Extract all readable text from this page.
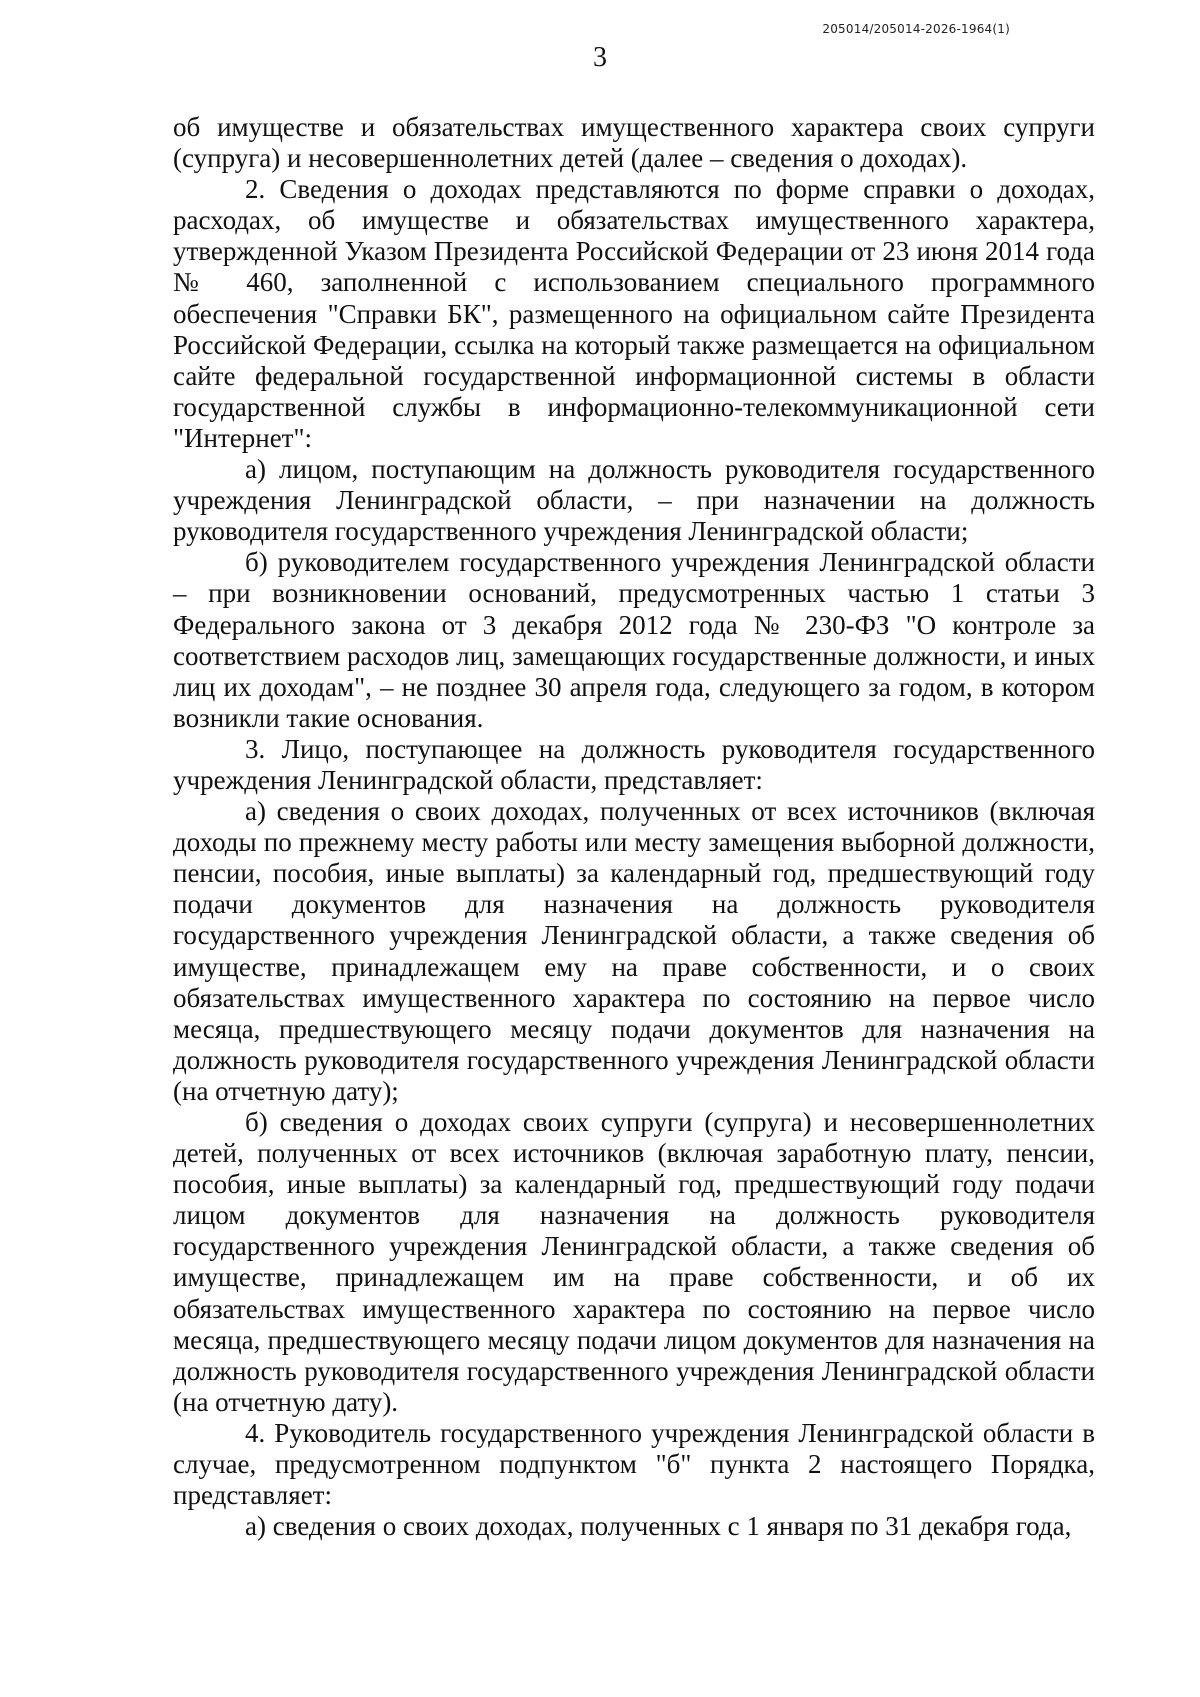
205014/205014-2026-1964(1)
3

об имуществе и обязательствах имущественного характера своих супруги (супруга) и несовершеннолетних детей (далее – сведения о доходах).

2. Сведения о доходах представляются по форме справки о доходах, расходах, об имуществе и обязательствах имущественного характера, утвержденной Указом Президента Российской Федерации от 23 июня 2014 года № 460, заполненной с использованием специального программного обеспечения "Справки БК", размещенного на официальном сайте Президента Российской Федерации, ссылка на который также размещается на официальном сайте федеральной государственной информационной системы в области государственной службы в информационно-телекоммуникационной сети "Интернет":

а) лицом, поступающим на должность руководителя государственного учреждения Ленинградской области, – при назначении на должность руководителя государственного учреждения Ленинградской области;

б) руководителем государственного учреждения Ленинградской области – при возникновении оснований, предусмотренных частью 1 статьи 3 Федерального закона от 3 декабря 2012 года № 230-ФЗ "О контроле за соответствием расходов лиц, замещающих государственные должности, и иных лиц их доходам", – не позднее 30 апреля года, следующего за годом, в котором возникли такие основания.

3. Лицо, поступающее на должность руководителя государственного учреждения Ленинградской области, представляет:

а) сведения о своих доходах, полученных от всех источников (включая доходы по прежнему месту работы или месту замещения выборной должности, пенсии, пособия, иные выплаты) за календарный год, предшествующий году подачи документов для назначения на должность руководителя государственного учреждения Ленинградской области, а также сведения об имуществе, принадлежащем ему на праве собственности, и о своих обязательствах имущественного характера по состоянию на первое число месяца, предшествующего месяцу подачи документов для назначения на должность руководителя государственного учреждения Ленинградской области (на отчетную дату);

б) сведения о доходах своих супруги (супруга) и несовершеннолетних детей, полученных от всех источников (включая заработную плату, пенсии, пособия, иные выплаты) за календарный год, предшествующий году подачи лицом документов для назначения на должность руководителя государственного учреждения Ленинградской области, а также сведения об имуществе, принадлежащем им на праве собственности, и об их обязательствах имущественного характера по состоянию на первое число месяца, предшествующего месяцу подачи лицом документов для назначения на должность руководителя государственного учреждения Ленинградской области (на отчетную дату).

4. Руководитель государственного учреждения Ленинградской области в случае, предусмотренном подпунктом "б" пункта 2 настоящего Порядка, представляет:

а) сведения о своих доходах, полученных с 1 января по 31 декабря года,
